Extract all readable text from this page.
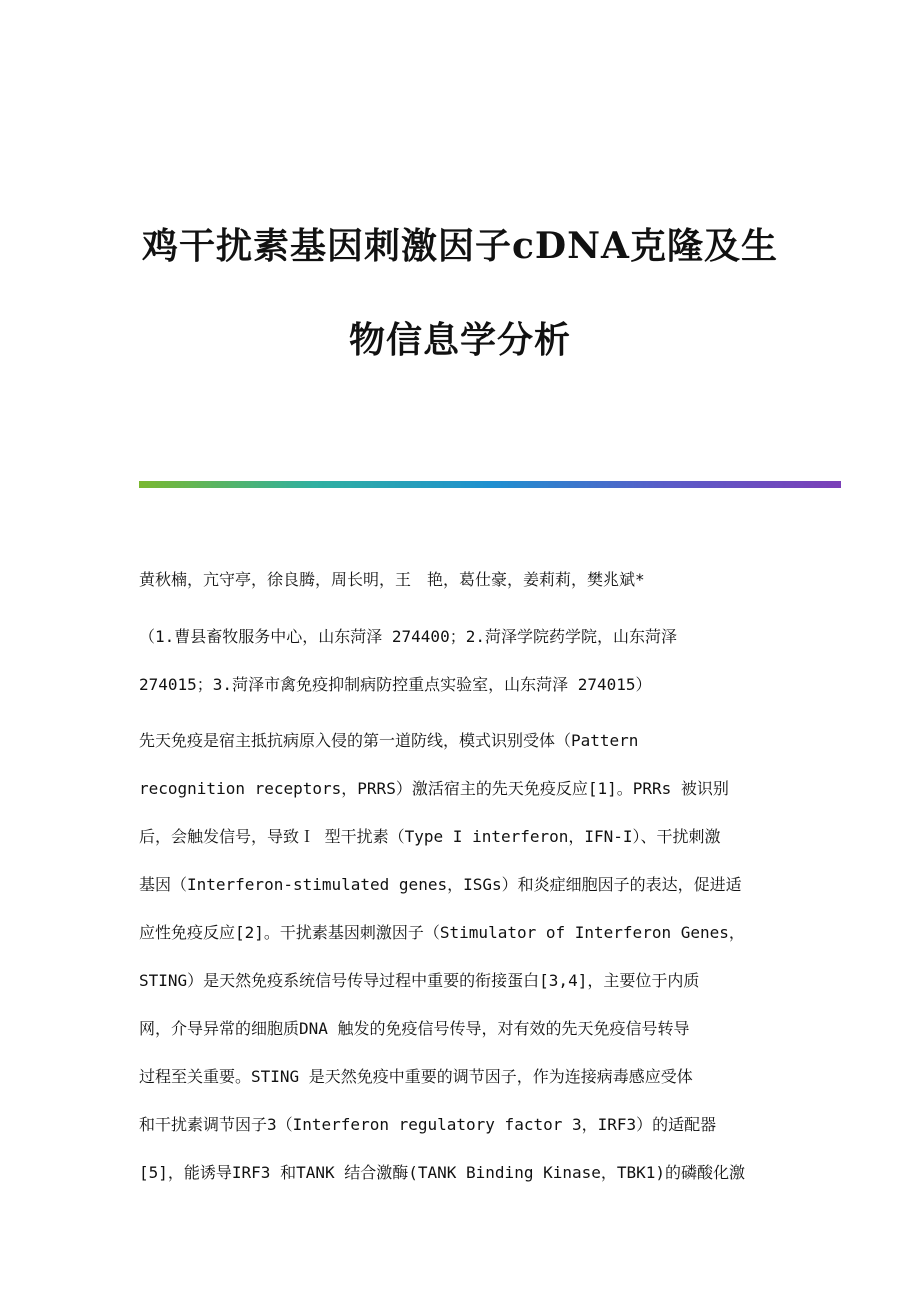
鸡干扰素基因刺激因子cDNA克隆及生
物信息学分析
黄秋楠，亢守亭，徐良腾，周长明，王　艳，葛仕豪，姜莉莉，樊兆斌*
（1.曹县畜牧服务中心，山东菏泽 274400；2.菏泽学院药学院，山东菏泽
274015；3.菏泽市禽免疫抑制病防控重点实验室，山东菏泽 274015）
先天免疫是宿主抵抗病原入侵的第一道防线，模式识别受体（Pattern
recognition receptors，PRRS）激活宿主的先天免疫反应[1]。PRRs 被识别
后，会触发信号，导致Ｉ 型干扰素（Type I interferon，IFN-I）、干扰刺激
基因（Interferon-stimulated genes，ISGs）和炎症细胞因子的表达，促进适
应性免疫反应[2]。干扰素基因刺激因子（Stimulator of Interferon Genes，
STING）是天然免疫系统信号传导过程中重要的衔接蛋白[3,4]，主要位于内质
网，介导异常的细胞质DNA 触发的免疫信号传导，对有效的先天免疫信号转导
过程至关重要。STING 是天然免疫中重要的调节因子，作为连接病毒感应受体
和干扰素调节因子3（Interferon regulatory factor 3，IRF3）的适配器
[5]，能诱导IRF3 和TANK 结合激酶(TANK Binding Kinase，TBK1)的磷酸化激
